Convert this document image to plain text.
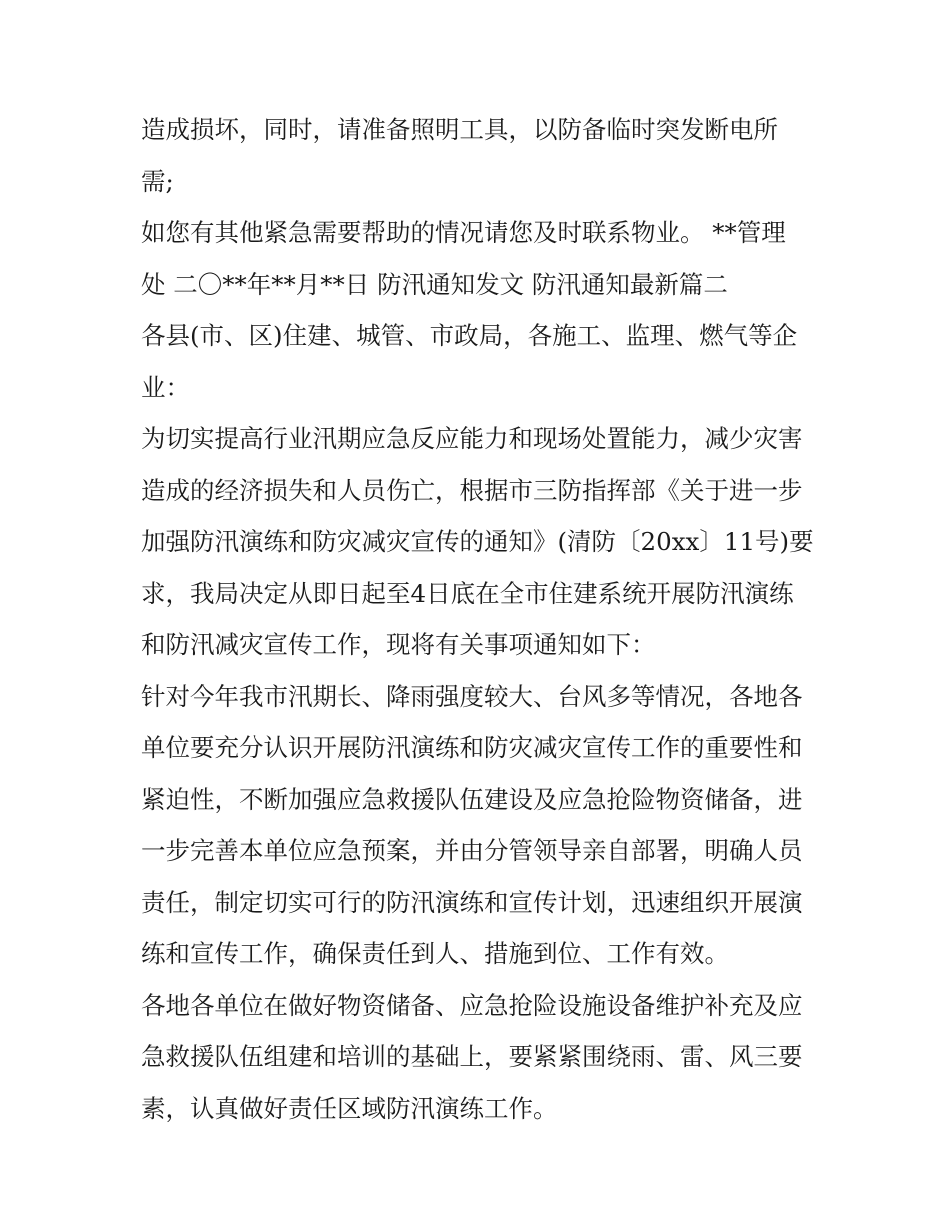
造成损坏，同时，请准备照明工具，以防备临时突发断电所
需;
如您有其他紧急需要帮助的情况请您及时联系物业。 **管理
处 二〇**年**月**日 防汛通知发文 防汛通知最新篇二
各县(市、区)住建、城管、市政局，各施工、监理、燃气等企
业：
为切实提高行业汛期应急反应能力和现场处置能力，减少灾害
造成的经济损失和人员伤亡，根据市三防指挥部《关于进一步
加强防汛演练和防灾减灾宣传的通知》(清防〔20xx〕11号)要
求，我局决定从即日起至4日底在全市住建系统开展防汛演练
和防汛减灾宣传工作，现将有关事项通知如下：
针对今年我市汛期长、降雨强度较大、台风多等情况，各地各
单位要充分认识开展防汛演练和防灾减灾宣传工作的重要性和
紧迫性，不断加强应急救援队伍建设及应急抢险物资储备，进
一步完善本单位应急预案，并由分管领导亲自部署，明确人员
责任，制定切实可行的防汛演练和宣传计划，迅速组织开展演
练和宣传工作，确保责任到人、措施到位、工作有效。
各地各单位在做好物资储备、应急抢险设施设备维护补充及应
急救援队伍组建和培训的基础上，要紧紧围绕雨、雷、风三要
素，认真做好责任区域防汛演练工作。
